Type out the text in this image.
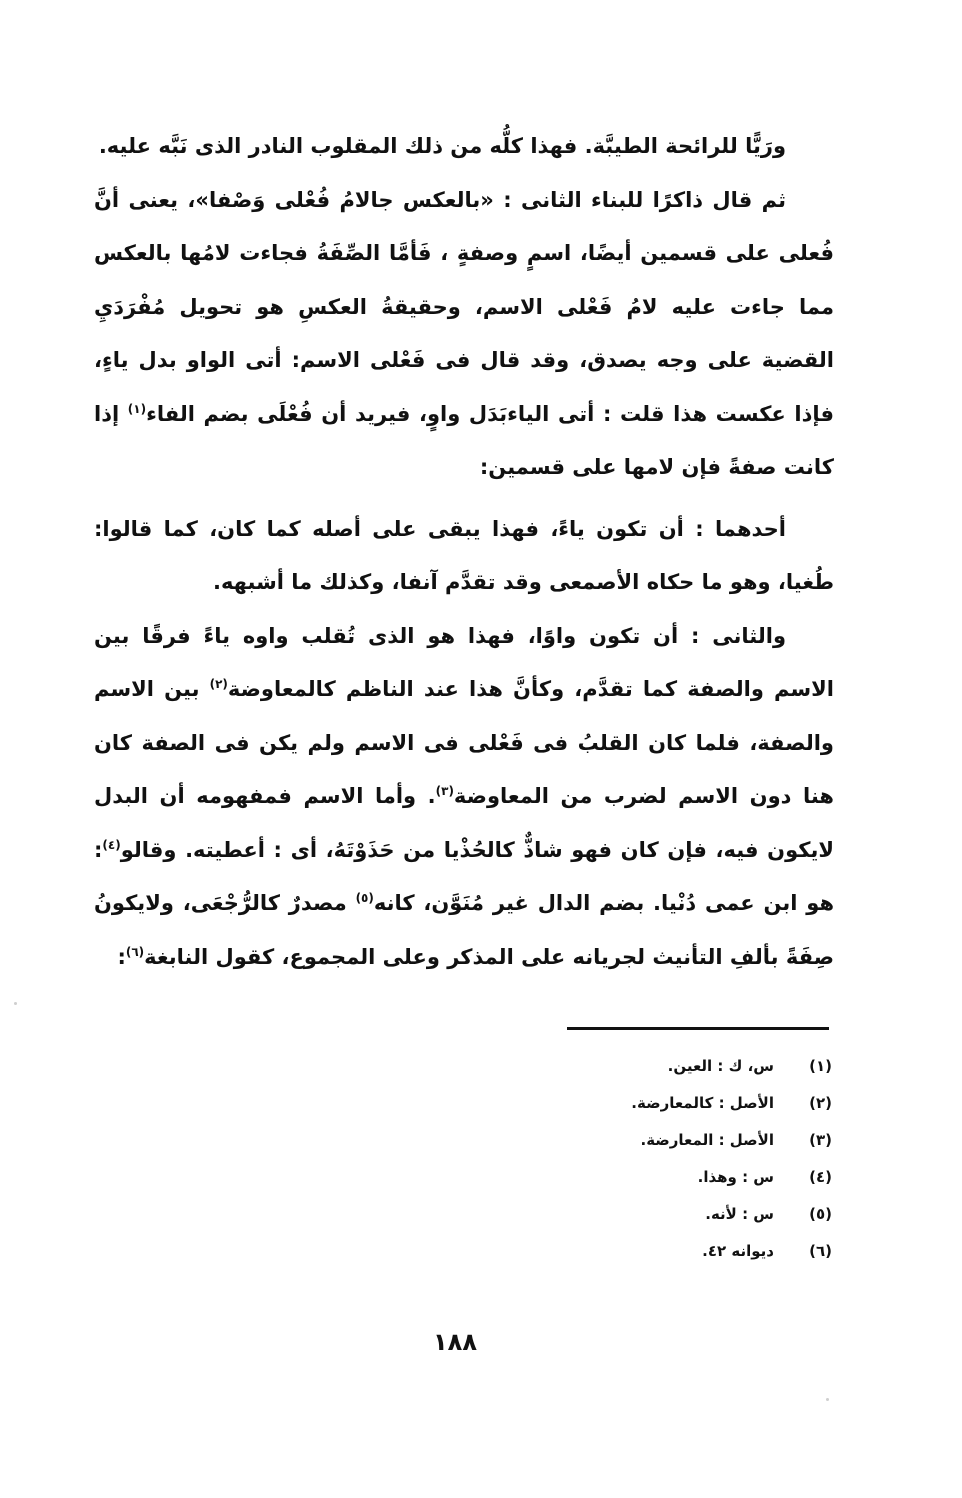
ورَيًّا للرائحة الطيبَّة. فهذا كلُّه من ذلك المقلوب النادر الذى نَبَّه عليه.

ثم قال ذاكرًا للبناء الثانى : «بالعكس جالامُ فُعْلى وَصْفا»، يعنى أنَّ فُعلى على قسمين أيضًا، اسمٍ وصفةٍ ، فَأمَّا الصِّفَةُ فجاءت لامُها بالعكس مما جاءت عليه لامُ فَعْلى الاسم، وحقيقةُ العكسِ هو تحويل مُفْرَدَيِ القضية على وجه يصدق، وقد قال فى فَعْلى الاسم: أتى الواو بدل ياءٍ، فإذا عكست هذا قلت : أتى الياءبَدَل واوٍ، فيريد أن فُعْلَى بضم الفاء$^{(١)}$ إذا كانت صفةً فإن لامها على قسمين:

أحدهما : أن تكون ياءً، فهذا يبقى على أصله كما كان، كما قالوا: طُغيا، وهو ما حكاه الأصمعى وقد تقدَّم آنفا، وكذلك ما أشبهه.

والثانى : أن تكون واوًا، فهذا هو الذى تُقلب واوه ياءً فرقًا بين الاسم والصفة كما تقدَّم، وكأنَّ هذا عند الناظم كالمعاوضة$^{(٢)}$ بين الاسم والصفة، فلما كان القلبُ فى فَعْلى فى الاسم ولم يكن فى الصفة كان هنا دون الاسم لضرب من المعاوضة$^{(٣)}$. وأما الاسم فمفهومه أن البدل لايكون فيه، فإن كان فهو شاذٌّ كالحُذْيا من حَذَوْتَهُ، أى : أعطيته. وقالو$^{(٤)}$: هو ابن عمى دُنْيا. بضم الدال غير مُنَوَّن، كانه$^{(٥)}$ مصدرٌ كالرُّجْعَى، ولايكونُ صِفَةً بألفِ التأنيث لجريانه على المذكر وعلى المجموع، كقول النابغة$^{(٦)}$:

(١)
س، ك : العين.
(٢)
الأصل : كالمعارضة.
(٣)
الأصل : المعارضة.
(٤)
س : وهذا.
(٥)
س : لأنه.
(٦)
ديوانه ٤٢.
١٨٨
